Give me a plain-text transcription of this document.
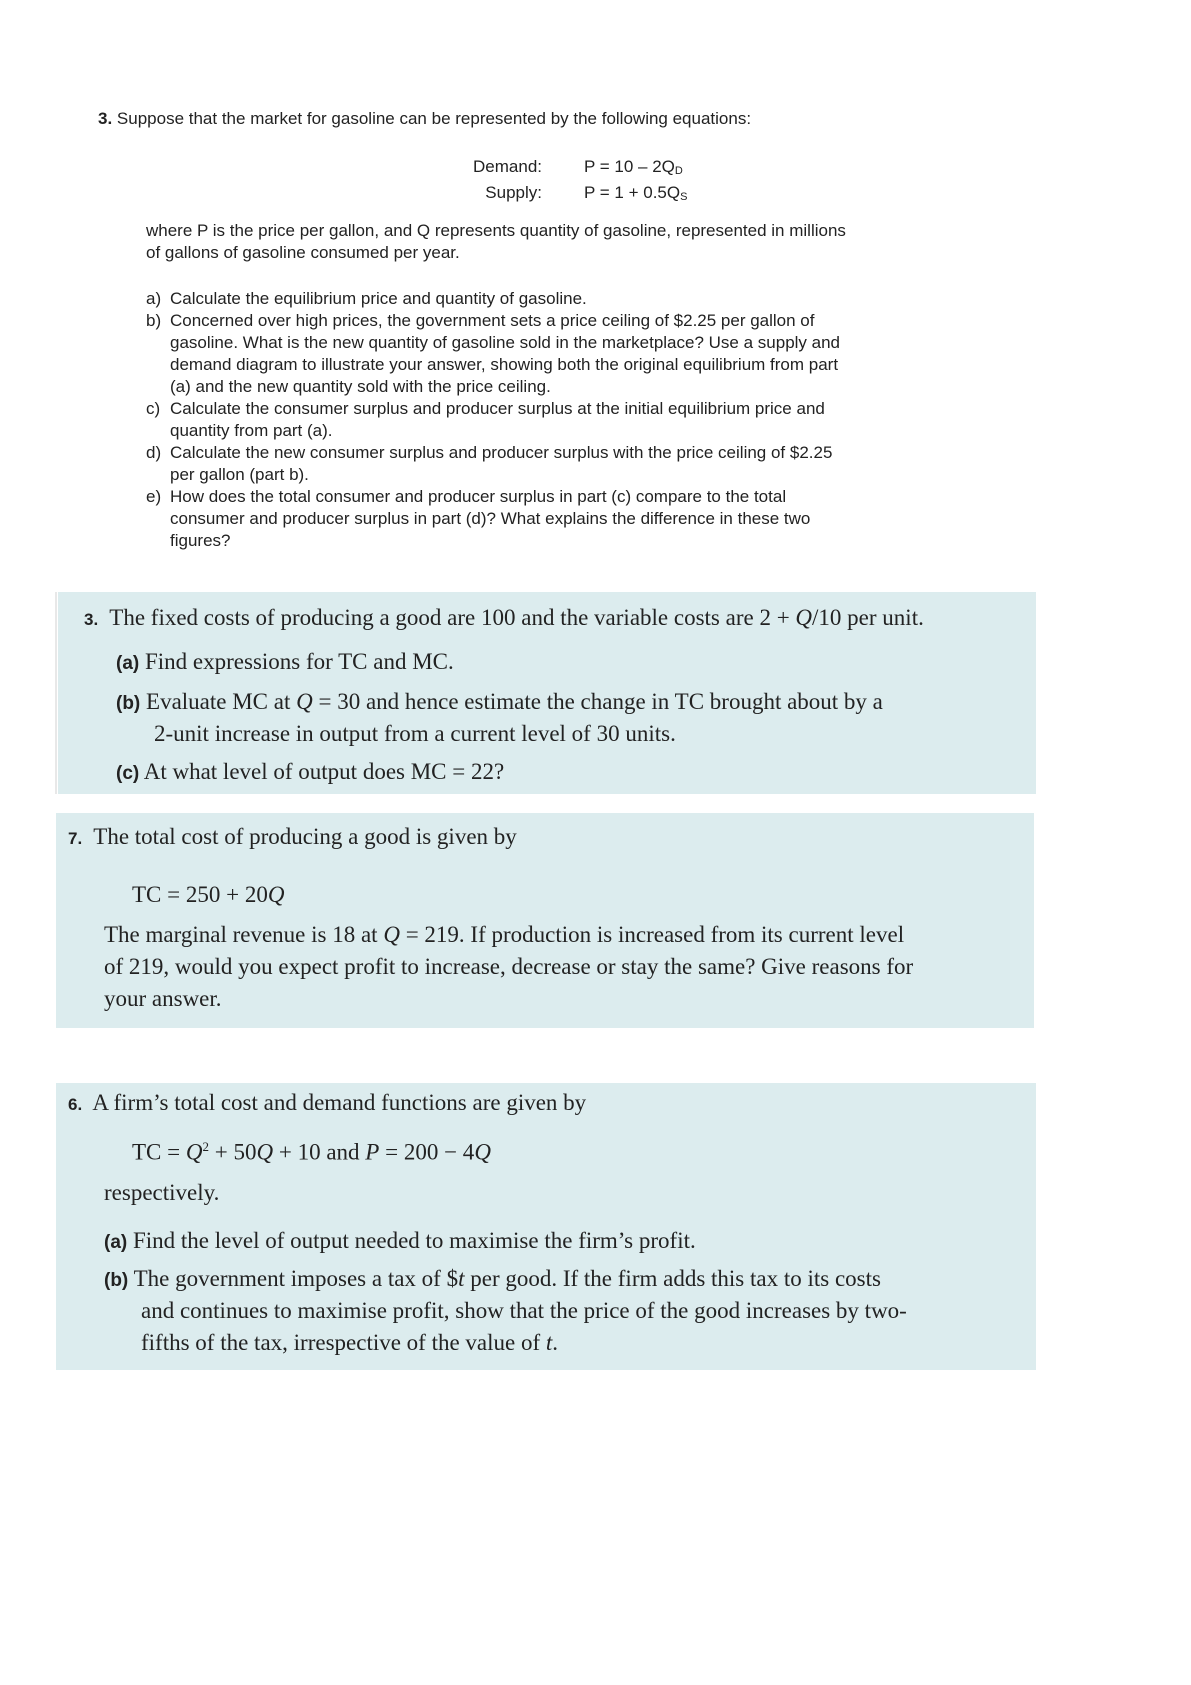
3. Suppose that the market for gasoline can be represented by the following equations:
Demand: P = 10 – 2QD
Supply: P = 1 + 0.5QS
where P is the price per gallon, and Q represents quantity of gasoline, represented in millions
of gallons of gasoline consumed per year.
a) Calculate the equilibrium price and quantity of gasoline.
b) Concerned over high prices, the government sets a price ceiling of $2.25 per gallon of
gasoline. What is the new quantity of gasoline sold in the marketplace? Use a supply and
demand diagram to illustrate your answer, showing both the original equilibrium from part
(a) and the new quantity sold with the price ceiling.
c) Calculate the consumer surplus and producer surplus at the initial equilibrium price and
quantity from part (a).
d) Calculate the new consumer surplus and producer surplus with the price ceiling of $2.25
per gallon (part b).
e) How does the total consumer and producer surplus in part (c) compare to the total
consumer and producer surplus in part (d)? What explains the difference in these two
figures?
3. The fixed costs of producing a good are 100 and the variable costs are 2 + Q/10 per unit.
(a) Find expressions for TC and MC.
(b) Evaluate MC at Q = 30 and hence estimate the change in TC brought about by a
2-unit increase in output from a current level of 30 units.
(c) At what level of output does MC = 22?
7. The total cost of producing a good is given by
TC = 250 + 20Q
The marginal revenue is 18 at Q = 219. If production is increased from its current level
of 219, would you expect profit to increase, decrease or stay the same? Give reasons for
your answer.
6. A firm’s total cost and demand functions are given by
TC = $Q^2 + 50Q + 10$ and P = 200 − 4Q
respectively.
(a) Find the level of output needed to maximise the firm’s profit.
(b) The government imposes a tax of $t per good. If the firm adds this tax to its costs
and continues to maximise profit, show that the price of the good increases by two-
fifths of the tax, irrespective of the value of t.
